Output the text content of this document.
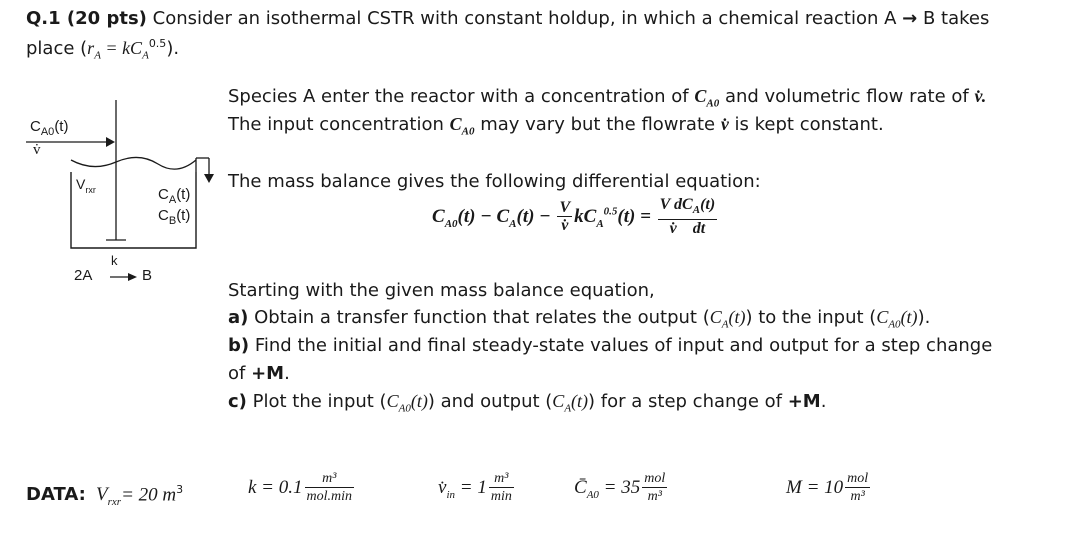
Q.1 (20 pts) Consider an isothermal CSTR with constant holdup, in which a chemical reaction A → B takes
place $(r_A = kC_A^{0.5})$.
$C_{A0}(t)$
v̇
$V_{rxr}$	$C_A(t)$
$C_B(t)$
2A
k
B
Species A enter the reactor with a concentration of $C_{A0}$ and volumetric flow rate of v̇.
The input concentration $C_{A0}$ may vary but the flowrate v̇ is kept constant.
The mass balance gives the following differential equation:
$C_{A0}(t) - C_A(t) - \frac{V}{v̇} kC_A^{0.5}(t) = \frac{V dC_A(t)}{v̇ dt}$
Starting with the given mass balance equation,
a) Obtain a transfer function that relates the output $(C_A(t))$ to the input $(C_{A0}(t))$.
b) Find the initial and final steady-state values of input and output for a step change
of +M.
c) Plot the input $(C_{A0}(t))$ and output $(C_A(t))$ for a step change of +M.
DATA: $V_{rxr}= 20$ $m^3$	$k = 0.1 \frac{\text{m³}}{\text{mol.min}}$	$v̇_{in} = 1 \frac{\text{m³}}{\min}$	$C̄_{A0} = 35 \frac{\text{mol}}{\text{m³}}$	$M = 10 \frac{\text{mol}}{\text{m³}}$
